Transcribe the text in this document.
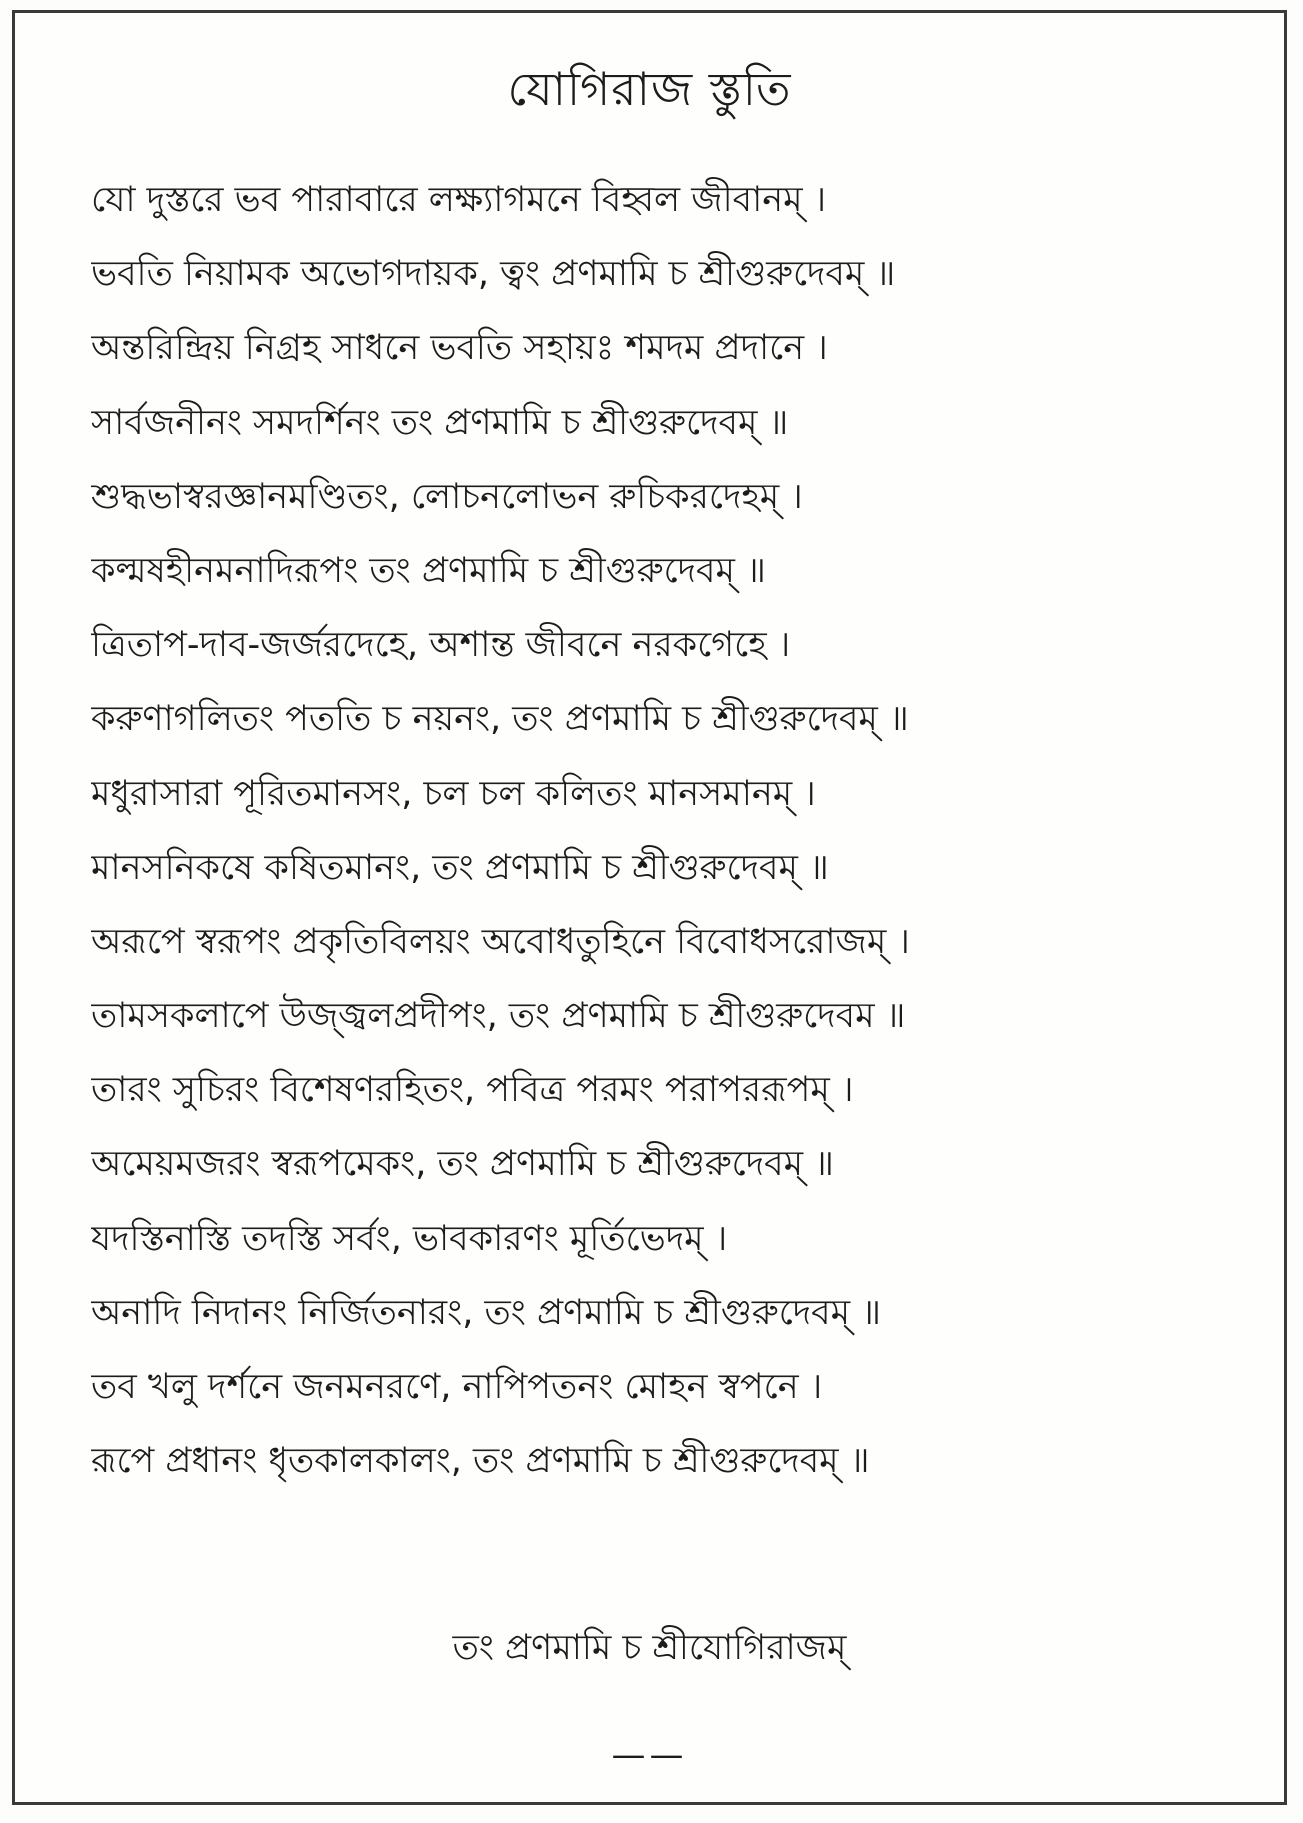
যোগিরাজ স্তুতি
যো দুস্তরে ভব পারাবারে লক্ষ্যাগমনে বিহ্বল জীবানম্ ।
ভবতি নিয়ামক অভোগদায়ক, ত্বং প্রণমামি চ শ্রীগুরুদেবম্ ॥
অন্তরিন্দ্রিয় নিগ্রহ সাধনে ভবতি সহায়ঃ শমদম প্রদানে ।
সার্বজনীনং সমদর্শিনং তং প্রণমামি চ শ্রীগুরুদেবম্ ॥
শুদ্ধভাস্বরজ্ঞানমণ্ডিতং, লোচনলোভন রুচিকরদেহম্ ।
কল্মষহীনমনাদিরূপং তং প্রণমামি চ শ্রীগুরুদেবম্ ॥
ত্রিতাপ-দাব-জর্জরদেহে, অশান্ত জীবনে নরকগেহে ।
করুণাগলিতং পততি চ নয়নং, তং প্রণমামি চ শ্রীগুরুদেবম্ ॥
মধুরাসারা পূরিতমানসং, চল চল কলিতং মানসমানম্ ।
মানসনিকষে কষিতমানং, তং প্রণমামি চ শ্রীগুরুদেবম্ ॥
অরূপে স্বরূপং প্রকৃতিবিলয়ং অবোধতুহিনে বিবোধসরোজম্ ।
তামসকলাপে উজ্জ্বলপ্রদীপং, তং প্রণমামি চ শ্রীগুরুদেবম ॥
তারং সুচিরং বিশেষণরহিতং, পবিত্র পরমং পরাপররূপম্ ।
অমেয়মজরং স্বরূপমেকং, তং প্রণমামি চ শ্রীগুরুদেবম্ ॥
যদস্তিনাস্তি তদস্তি সর্বং, ভাবকারণং মূর্তিভেদম্ ।
অনাদি নিদানং নির্জিতনারং, তং প্রণমামি চ শ্রীগুরুদেবম্ ॥
তব খলু দর্শনে জনমনরণে, নাপিপতনং মোহন স্বপনে ।
রূপে প্রধানং ধৃতকালকালং, তং প্রণমামি চ শ্রীগুরুদেবম্ ॥
তং প্রণমামি চ শ্রীযোগিরাজম্
——
